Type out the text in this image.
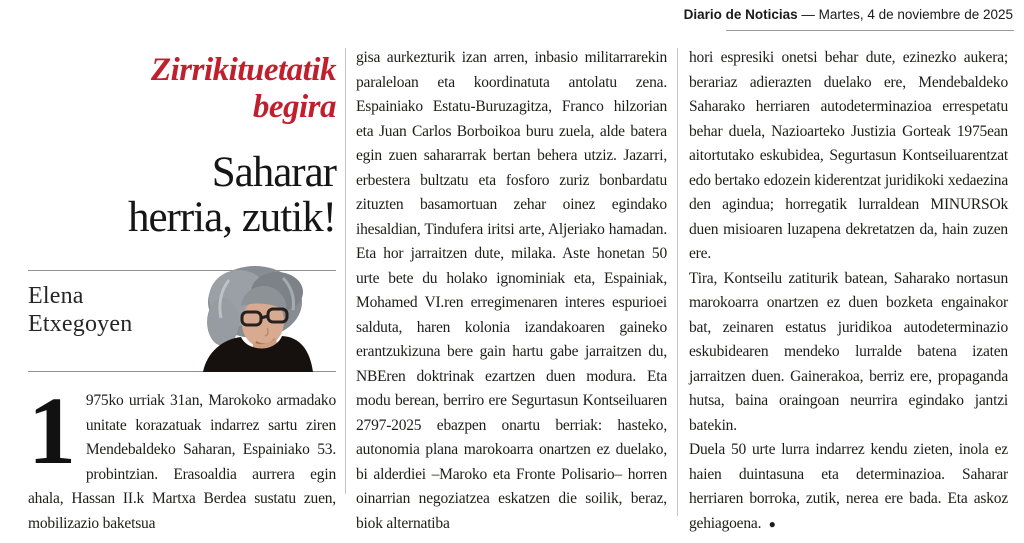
Diario de Noticias — Martes, 4 de noviembre de 2025
Zirrikituetatik
begira
Saharar
herria, zutik!
Elena
Etxegoyen

1 975ko urriak 31an, Marokoko armadako unitate korazatuak indarrez sartu ziren Mendebaldeko Saharan, Espainiako 53. probintzian. Erasoaldia aurrera egin ahala, Hassan II.k Martxa Berdea sustatu zuen, mobilizazio baketsua

gisa aurkezturik izan arren, inbasio militarrarekin paraleloan eta koordinatuta antolatu zena. Espainiako Estatu-Buruzagitza, Franco hilzorian eta Juan Carlos Borboikoa buru zuela, alde batera egin zuen sahararrak bertan behera utziz. Jazarri, erbestera bultzatu eta fosforo zuriz bonbardatu zituzten basamortuan zehar oinez egindako ihesaldian, Tindufera iritsi arte, Aljeriako hamadan. Eta hor jarraitzen dute, milaka. Aste honetan 50 urte bete du holako ignominiak eta, Espainiak, Mohamed VI.ren erregimenaren interes espurioei salduta, haren kolonia izandakoaren gaineko erantzukizuna bere gain hartu gabe jarraitzen du, NBEren doktrinak ezartzen duen modura. Eta modu berean, berriro ere Segurtasun Kontseiluaren 2797-2025 ebazpen onartu berriak: hasteko, autonomia plana marokoarra onartzen ez duelako, bi alderdiei –Maroko eta Fronte Polisario– horren oinarrian negoziatzea eskatzen die soilik, beraz, biok alternatiba

hori espresiki onetsi behar dute, ezinezko aukera; berariaz adierazten duelako ere, Mendebaldeko Saharako herriaren autodeterminazioa errespetatu behar duela, Nazioarteko Justizia Gorteak 1975ean aitortutako eskubidea, Segurtasun Kontseiluarentzat edo bertako edozein kiderentzat juridikoki xedaezina den agindua; horregatik lurraldean MINURSOk duen misioaren luzapena dekretatzen da, hain zuzen ere.

Tira, Kontseilu zatiturik batean, Saharako nortasun marokoarra onartzen ez duen bozketa engainakor bat, zeinaren estatus juridikoa autodeterminazio eskubidearen mendeko lurralde batena izaten jarraitzen duen. Gainerakoa, berriz ere, propaganda hutsa, baina oraingoan neurrira egindako jantzi batekin.

Duela 50 urte lurra indarrez kendu zieten, inola ez haien duintasuna eta determinazioa. Saharar herriaren borroka, zutik, nerea ere bada. Eta askoz gehiagoena. ●
